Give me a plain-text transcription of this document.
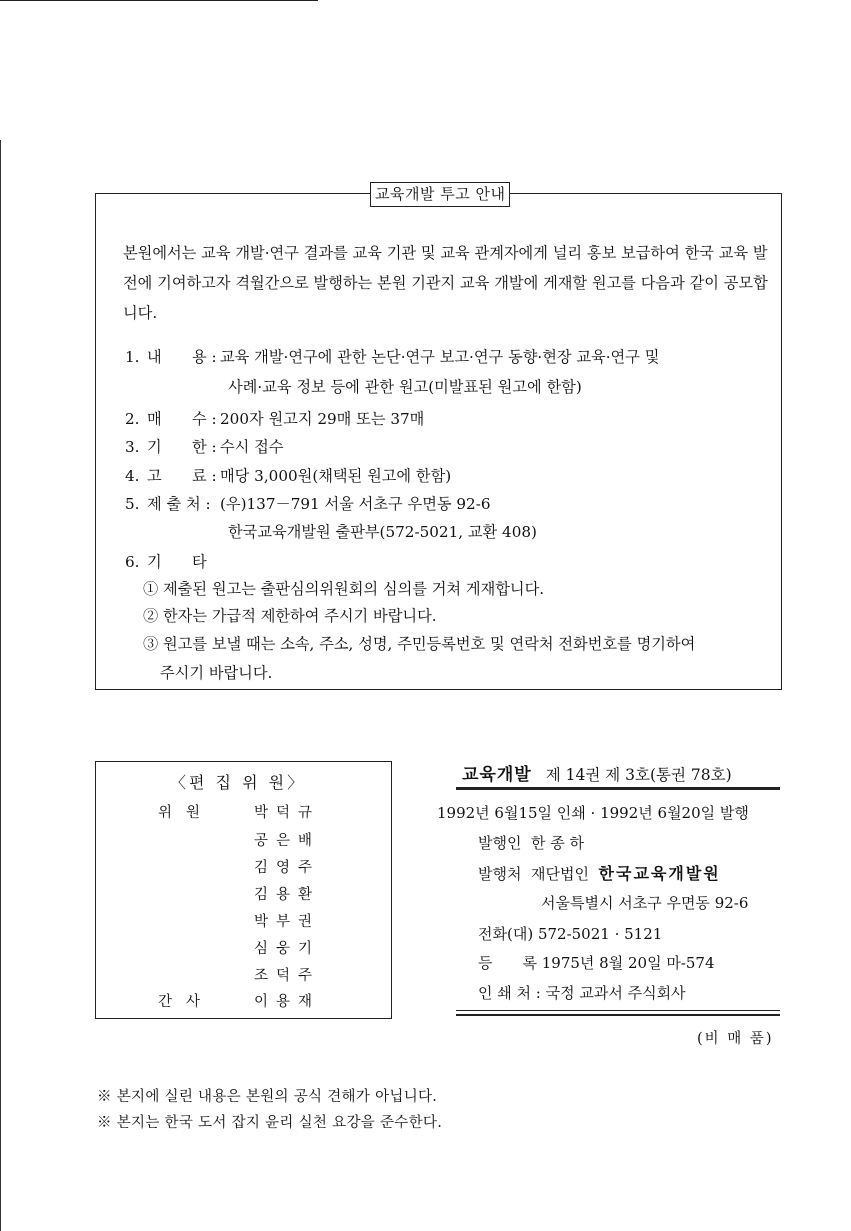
교육개발 투고 안내
본원에서는 교육 개발·연구 결과를 교육 기관 및 교육 관계자에게 널리 홍보 보급하여 한국 교육 발전에 기여하고자 격월간으로 발행하는 본원 기관지 교육 개발에 게재할 원고를 다음과 같이 공모합니다.
1. 내　　용 : 교육 개발·연구에 관한 논단·연구 보고·연구 동향·현장 교육·연구 및
사례·교육 정보 등에 관한 원고(미발표된 원고에 한함)
2. 매　　수 : 200자 원고지 29매 또는 37매
3. 기　　한 : 수시 접수
4. 고　　료 : 매당 3,000원(채택된 원고에 한함)
5. 제 출 처 : (우)137－791 서울 서초구 우면동 92-6
한국교육개발원 출판부(572-5021, 교환 408)
6. 기　　타
① 제출된 원고는 출판심의위원회의 심의를 거쳐 게재합니다.
② 한자는 가급적 제한하여 주시기 바랍니다.
③ 원고를 보낼 때는 소속, 주소, 성명, 주민등록번호 및 연락처 전화번호를 명기하여
주시기 바랍니다.
〈편 집 위 원〉
위원	박덕규
공은배
김영주
김용환
박부권
심웅기
조덕주
간사	이용재
교육개발 제 14권 제 3호(통권 78호)
1992년 6월15일 인쇄 · 1992년 6월20일 발행
발행인 한 종 하
발행처 재단법인 한국교육개발원
서울특별시 서초구 우면동 92-6
전화(대) 572-5021 · 5121
등　　록 1975년 8월 20일 마-574
인 쇄 처 : 국정 교과서 주식회사
(비 매 품)
※ 본지에 실린 내용은 본원의 공식 견해가 아닙니다.
※ 본지는 한국 도서 잡지 윤리 실천 요강을 준수한다.
